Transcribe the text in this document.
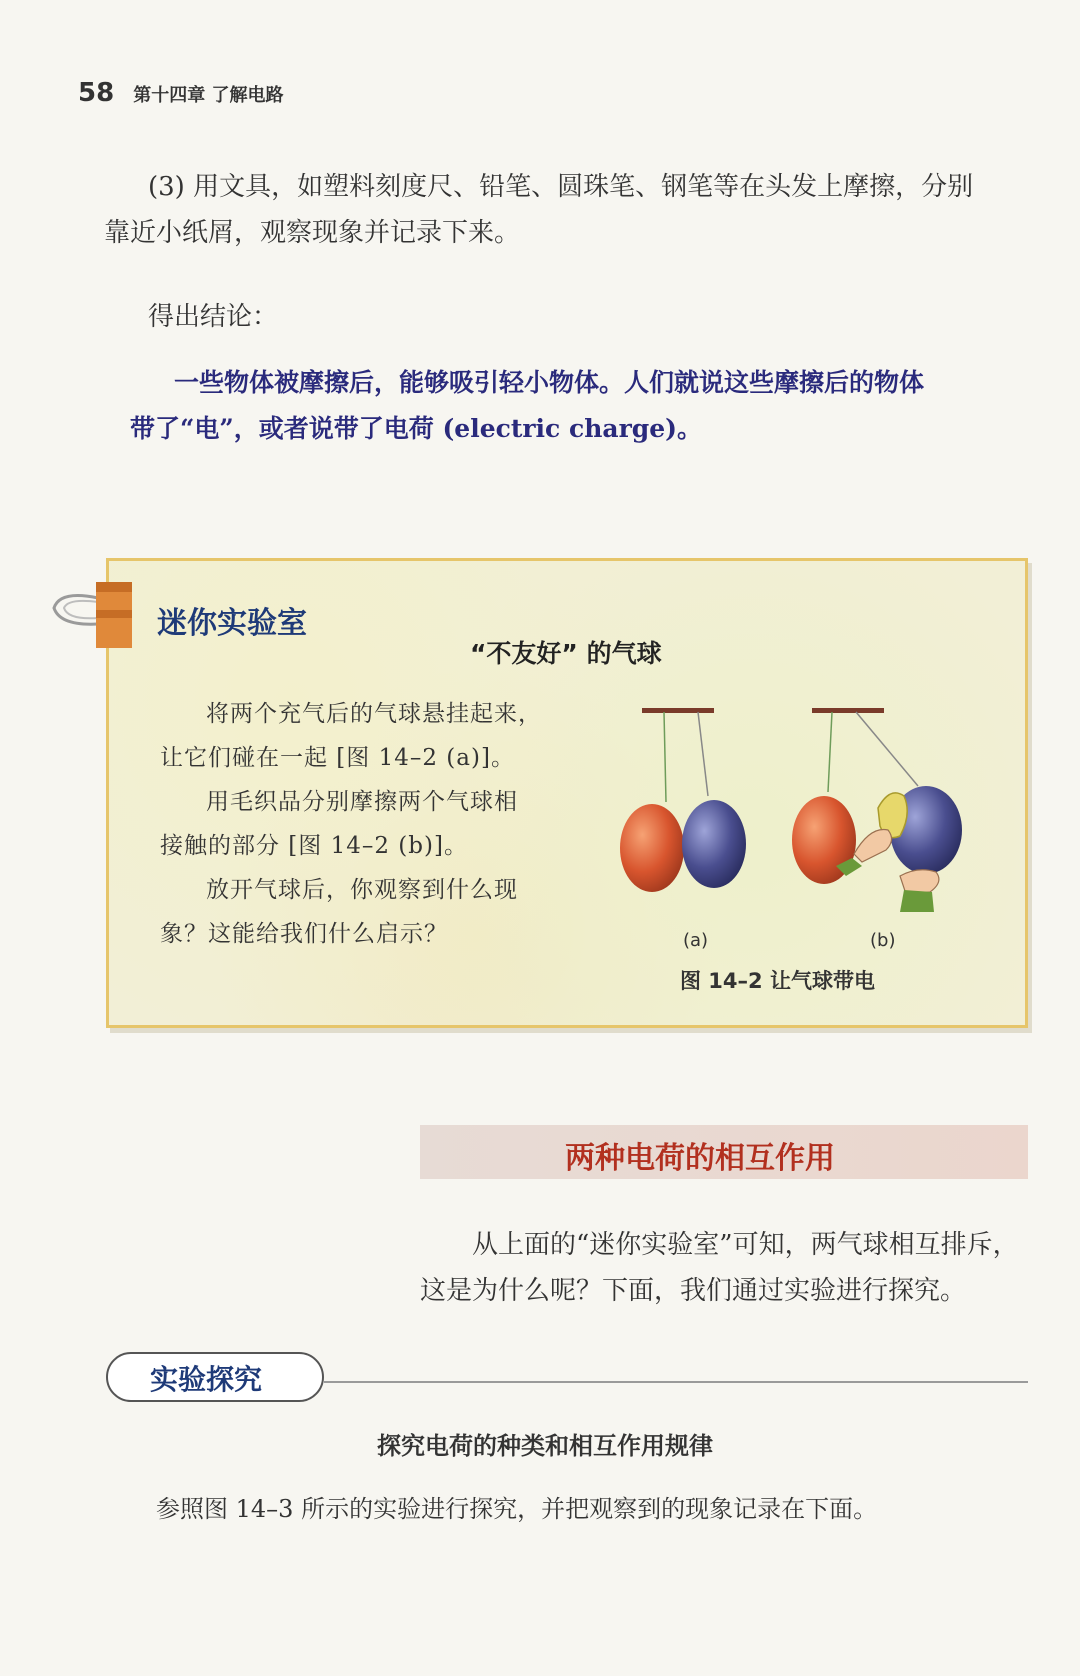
58 第十四章 了解电路
(3) 用文具，如塑料刻度尺、铅笔、圆珠笔、钢笔等在头发上摩擦，分别
靠近小纸屑，观察现象并记录下来。
得出结论：
一些物体被摩擦后，能够吸引轻小物体。人们就说这些摩擦后的物体
带了“电”，或者说带了电荷 (electric charge)。
迷你实验室
“不友好” 的气球
将两个充气后的气球悬挂起来，
让它们碰在一起 [图 14–2 (a)]。
用毛织品分别摩擦两个气球相
接触的部分 [图 14–2 (b)]。
放开气球后，你观察到什么现
象？这能给我们什么启示？	(a)	(b)
图 14–2 让气球带电
两种电荷的相互作用
从上面的“迷你实验室”可知，两气球相互排斥，
这是为什么呢？下面，我们通过实验进行探究。
实验探究
探究电荷的种类和相互作用规律
参照图 14–3 所示的实验进行探究，并把观察到的现象记录在下面。
